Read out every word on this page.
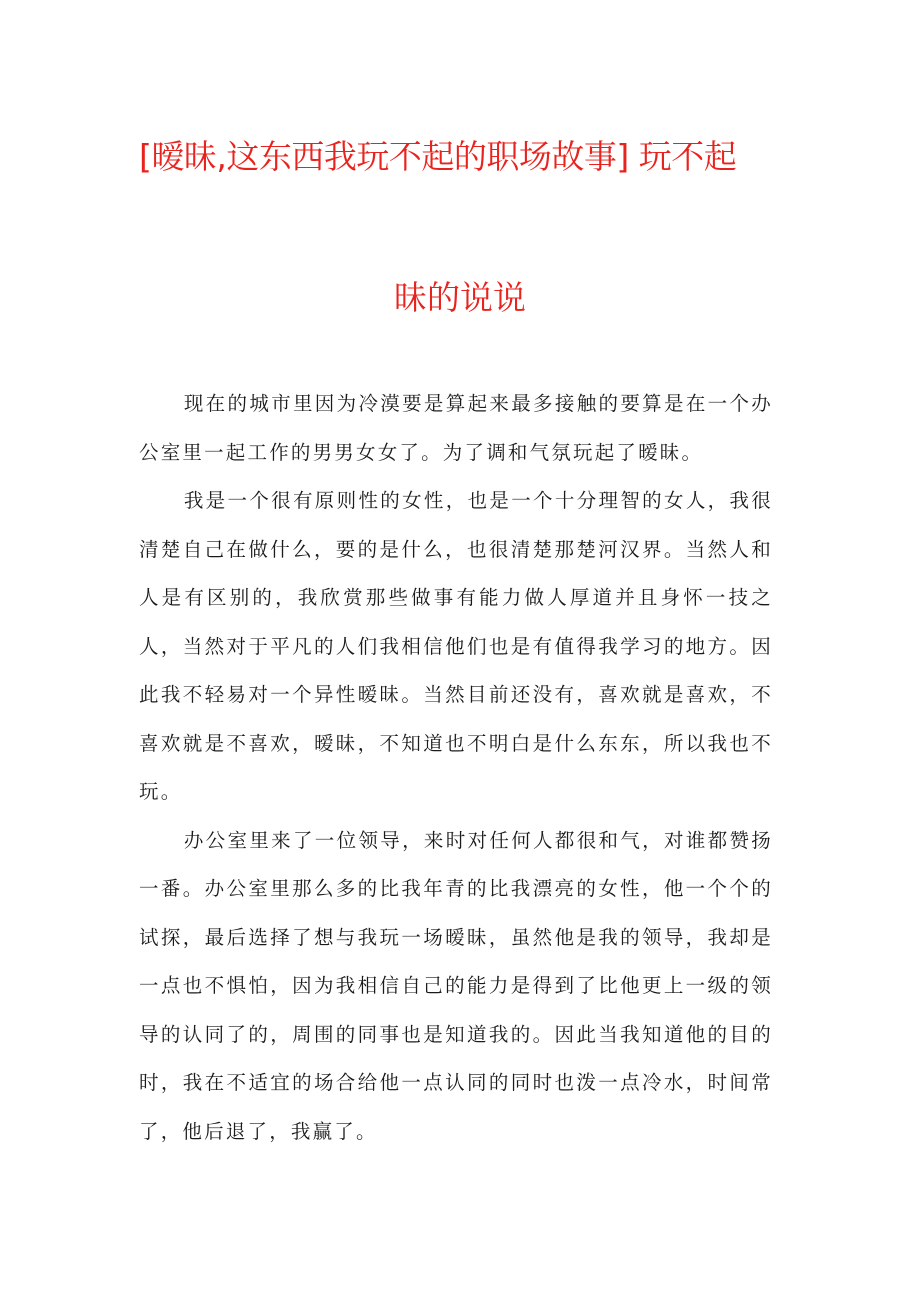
[暧昧,这东西我玩不起的职场故事] 玩不起
昧的说说

现在的城市里因为冷漠要是算起来最多接触的要算是在一个办公室里一起工作的男男女女了。为了调和气氛玩起了暧昧。

我是一个很有原则性的女性，也是一个十分理智的女人，我很清楚自己在做什么，要的是什么，也很清楚那楚河汉界。当然人和人是有区别的，我欣赏那些做事有能力做人厚道并且身怀一技之人，当然对于平凡的人们我相信他们也是有值得我学习的地方。因此我不轻易对一个异性暧昧。当然目前还没有，喜欢就是喜欢，不喜欢就是不喜欢，暧昧，不知道也不明白是什么东东，所以我也不玩。

办公室里来了一位领导，来时对任何人都很和气，对谁都赞扬一番。办公室里那么多的比我年青的比我漂亮的女性，他一个个的试探，最后选择了想与我玩一场暧昧，虽然他是我的领导，我却是一点也不惧怕，因为我相信自己的能力是得到了比他更上一级的领导的认同了的，周围的同事也是知道我的。因此当我知道他的目的时，我在不适宜的场合给他一点认同的同时也泼一点冷水，时间常了，他后退了，我赢了。
